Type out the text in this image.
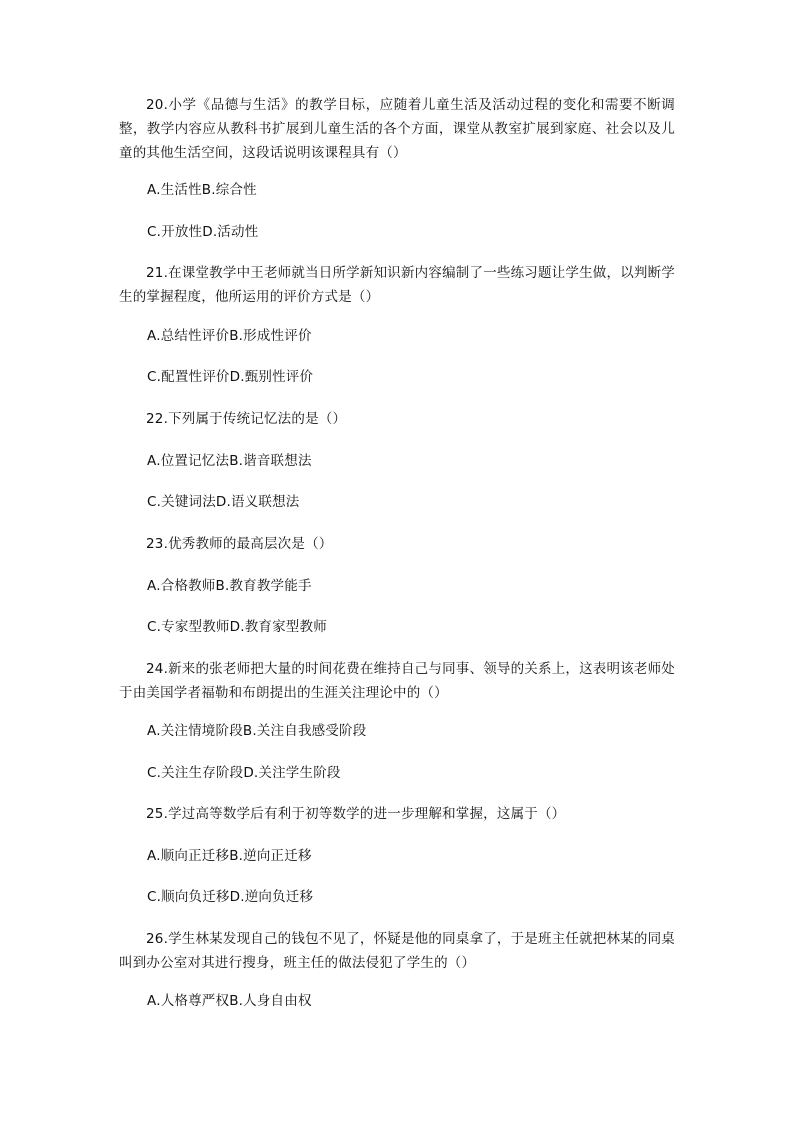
20.小学《品德与生活》的教学目标，应随着儿童生活及活动过程的变化和需要不断调整，教学内容应从教科书扩展到儿童生活的各个方面，课堂从教室扩展到家庭、社会以及儿童的其他生活空间，这段话说明该课程具有（）
A.生活性B.综合性
C.开放性D.活动性
21.在课堂教学中王老师就当日所学新知识新内容编制了一些练习题让学生做，以判断学生的掌握程度，他所运用的评价方式是（）
A.总结性评价B.形成性评价
C.配置性评价D.甄别性评价
22.下列属于传统记忆法的是（）
A.位置记忆法B.谐音联想法
C.关键词法D.语义联想法
23.优秀教师的最高层次是（）
A.合格教师B.教育教学能手
C.专家型教师D.教育家型教师
24.新来的张老师把大量的时间花费在维持自己与同事、领导的关系上，这表明该老师处于由美国学者福勒和布朗提出的生涯关注理论中的（）
A.关注情境阶段B.关注自我感受阶段
C.关注生存阶段D.关注学生阶段
25.学过高等数学后有利于初等数学的进一步理解和掌握，这属于（）
A.顺向正迁移B.逆向正迁移
C.顺向负迁移D.逆向负迁移
26.学生林某发现自己的钱包不见了，怀疑是他的同桌拿了，于是班主任就把林某的同桌叫到办公室对其进行搜身，班主任的做法侵犯了学生的（）
A.人格尊严权B.人身自由权
